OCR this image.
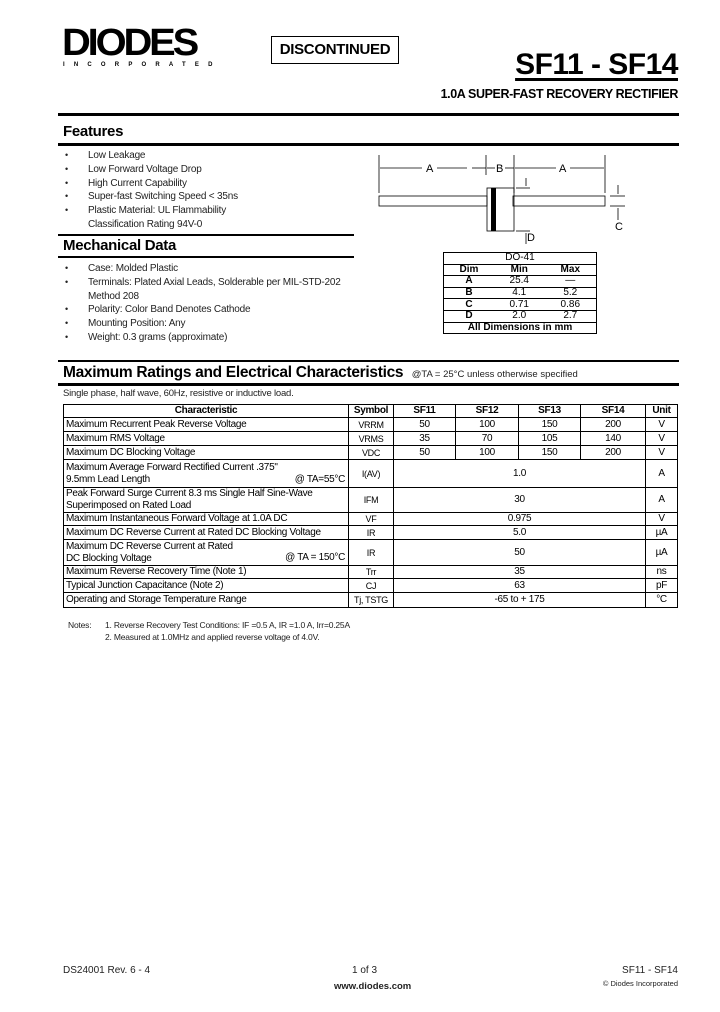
DIODES
INCORPORATED
DISCONTINUED	SF11 - SF14
1.0A SUPER-FAST RECOVERY RECTIFIER
Features
• Low Leakage
• Low Forward Voltage Drop
• High Current Capability
• Super-fast Switching Speed < 35ns
• Plastic Material: UL Flammability Classification Rating 94V-0
Mechanical Data
• Case: Molded Plastic
• Terminals: Plated Axial Leads, Solderable per MIL-STD-202 Method 208
• Polarity: Color Band Denotes Cathode
• Mounting Position: Any
• Weight: 0.3 grams (approximate)
A	B	A
C
D
DO-41		
Dim	Min	Max
A	25.4	—
B	4.1	5.2
C	0.71	0.86
D	2.0	2.7
All Dimensions in mm		
Maximum Ratings and Electrical Characteristics @TA = 25°C unless otherwise specified
Single phase, half wave, 60Hz, resistive or inductive load.
Characteristic	Symbol	SF11	SF12	SF13	SF14	Unit

Maximum Recurrent Peak Reverse Voltage	VRRM	50	100	150	200	V

Maximum RMS Voltage	VRMS	35	70	105	140	V

Maximum DC Blocking Voltage	VDC	50	100	150	200	V

Maximum Average Forward Rectified Current .375"
9.5mm Lead Length @ TA=55°C	I(AV)	1.0				A

Peak Forward Surge Current 8.3 ms Single Half Sine-Wave
Superimposed on Rated Load	IFM	30				A

Maximum Instantaneous Forward Voltage at 1.0A DC	VF	0.975				V

Maximum DC Reverse Current at Rated DC Blocking Voltage	IR	5.0				µA

Maximum DC Reverse Current at Rated
DC Blocking Voltage @ TA = 150°C	IR	50				µA

Maximum Reverse Recovery Time (Note 1)	Trr	35				ns

Typical Junction Capacitance (Note 2)	CJ	63				pF

Operating and Storage Temperature Range	Tj, TSTG	-65 to + 175				°C
Notes: 1. Reverse Recovery Test Conditions: IF =0.5 A, IR =1.0 A, Irr=0.25A
2. Measured at 1.0MHz and applied reverse voltage of 4.0V.
DS24001 Rev. 6 - 4	1 of 3
www.diodes.com
SF11 - SF14
© Diodes Incorporated
